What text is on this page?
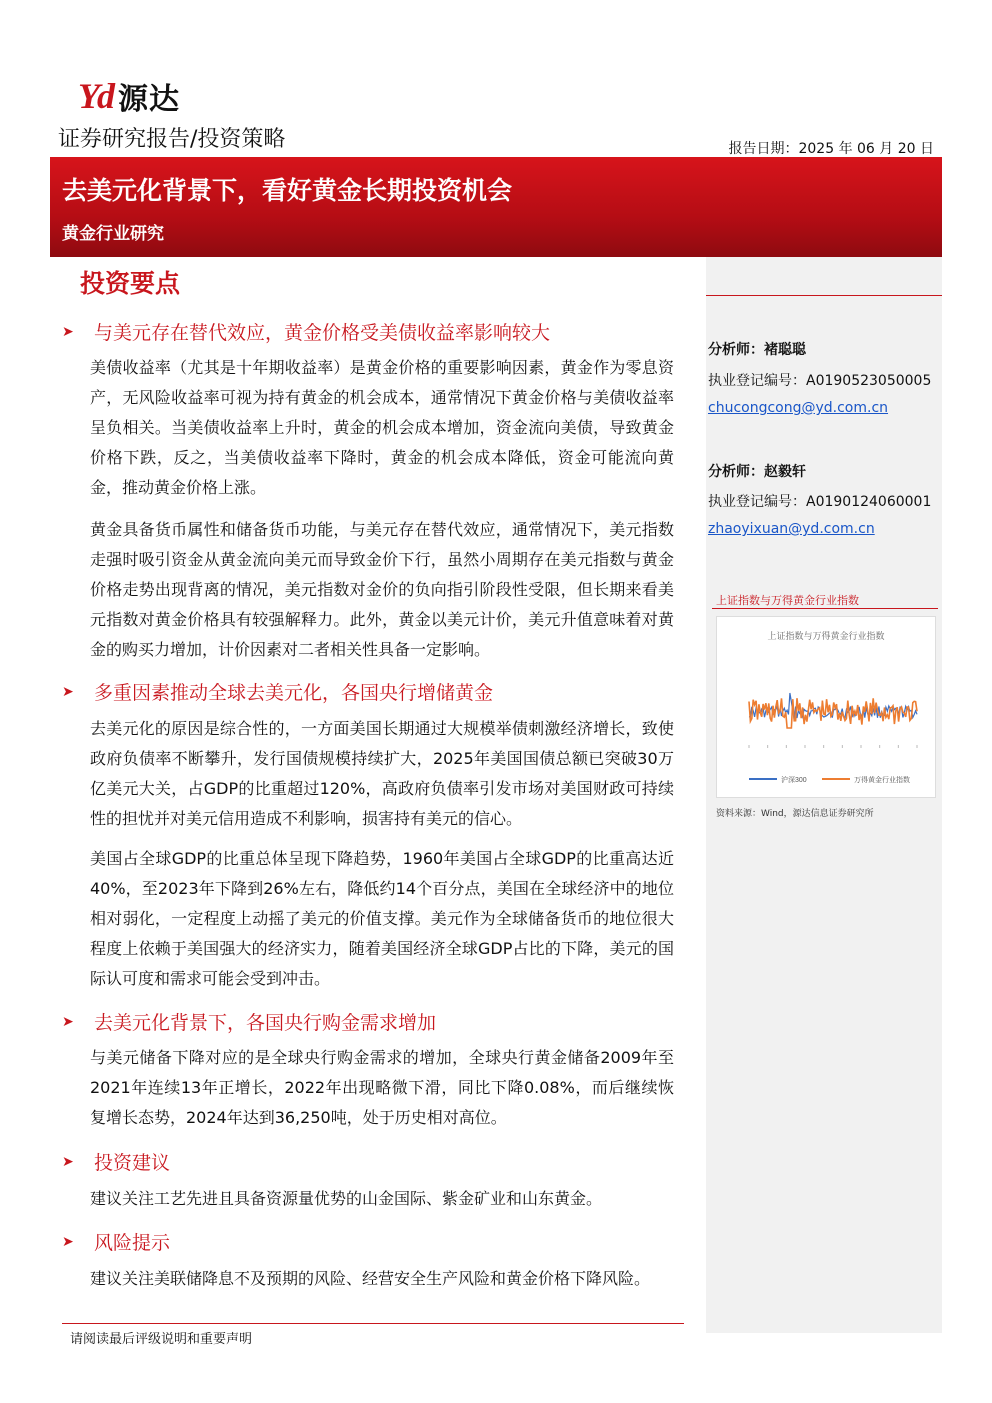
Yd 源达
证券研究报告/投资策略	报告日期：2025 年 06 月 20 日
去美元化背景下，看好黄金长期投资机会
黄金行业研究
分析师：褚聪聪
执业登记编号：A0190523050005
chucongcong@yd.com.cn
分析师：赵毅轩
执业登记编号：A0190124060001
zhaoyixuan@yd.com.cn
上证指数与万得黄金行业指数
上证指数与万得黄金行业指数
沪深300	万得黄金行业指数
资料来源：Wind，源达信息证券研究所
投资要点
➤	与美元存在替代效应，黄金价格受美债收益率影响较大
美债收益率（尤其是十年期收益率）是黄金价格的重要影响因素，黄金作为零息资产，无风险收益率可视为持有黄金的机会成本，通常情况下黄金价格与美债收益率呈负相关。当美债收益率上升时，黄金的机会成本增加，资金流向美债，导致黄金价格下跌，反之，当美债收益率下降时，黄金的机会成本降低，资金可能流向黄金，推动黄金价格上涨。
黄金具备货币属性和储备货币功能，与美元存在替代效应，通常情况下，美元指数走强时吸引资金从黄金流向美元而导致金价下行，虽然小周期存在美元指数与黄金价格走势出现背离的情况，美元指数对金价的负向指引阶段性受限，但长期来看美元指数对黄金价格具有较强解释力。此外，黄金以美元计价，美元升值意味着对黄金的购买力增加，计价因素对二者相关性具备一定影响。
➤	多重因素推动全球去美元化，各国央行增储黄金
去美元化的原因是综合性的，一方面美国长期通过大规模举债刺激经济增长，致使政府负债率不断攀升，发行国债规模持续扩大，2025年美国国债总额已突破30万亿美元大关，占GDP的比重超过120%，高政府负债率引发市场对美国财政可持续性的担忧并对美元信用造成不利影响，损害持有美元的信心。
美国占全球GDP的比重总体呈现下降趋势，1960年美国占全球GDP的比重高达近40%，至2023年下降到26%左右，降低约14个百分点，美国在全球经济中的地位相对弱化，一定程度上动摇了美元的价值支撑。美元作为全球储备货币的地位很大程度上依赖于美国强大的经济实力，随着美国经济全球GDP占比的下降，美元的国际认可度和需求可能会受到冲击。
➤	去美元化背景下，各国央行购金需求增加
与美元储备下降对应的是全球央行购金需求的增加，全球央行黄金储备2009年至2021年连续13年正增长，2022年出现略微下滑，同比下降0.08%，而后继续恢复增长态势，2024年达到36,250吨，处于历史相对高位。
➤	投资建议
建议关注工艺先进且具备资源量优势的山金国际、紫金矿业和山东黄金。
➤	风险提示
建议关注美联储降息不及预期的风险、经营安全生产风险和黄金价格下降风险。
请阅读最后评级说明和重要声明
